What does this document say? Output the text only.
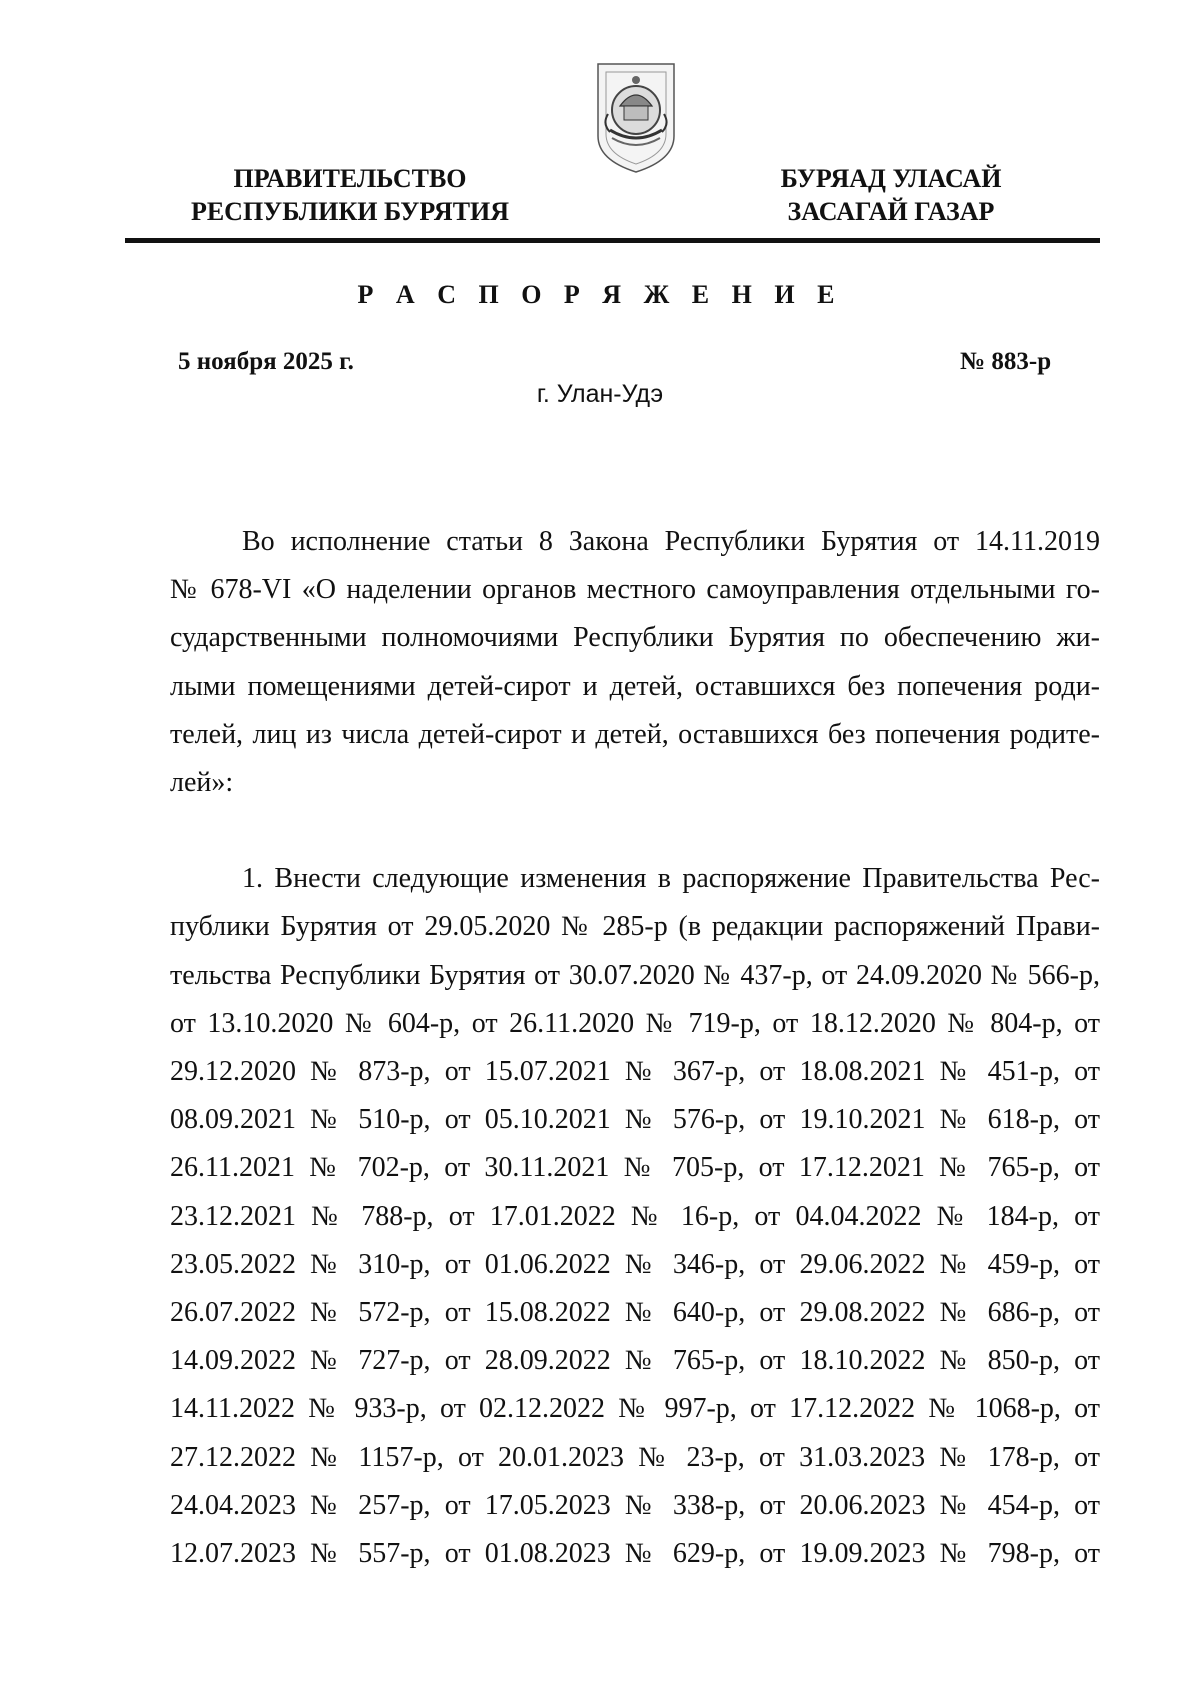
ПРАВИТЕЛЬСТВО
РЕСПУБЛИКИ БУРЯТИЯ
БУРЯАД УЛАСАЙ
ЗАСАГАЙ ГАЗАР
Р А С П О Р Я Ж Е Н И Е
5 ноября 2025 г.	№ 883-р
г. Улан-Удэ
Во исполнение статьи 8 Закона Республики Бурятия от 14.11.2019
№ 678-VI «О наделении органов местного самоуправления отдельными го-
сударственными полномочиями Республики Бурятия по обеспечению жи-
лыми помещениями детей-сирот и детей, оставшихся без попечения роди-
телей, лиц из числа детей-сирот и детей, оставшихся без попечения родите-
лей»:
1. Внести следующие изменения в распоряжение Правительства Рес-
публики Бурятия от 29.05.2020 № 285-р (в редакции распоряжений Прави-
тельства Республики Бурятия от 30.07.2020 № 437-р, от 24.09.2020 № 566-р,
от 13.10.2020 № 604-р, от 26.11.2020 № 719-р, от 18.12.2020 № 804-р, от
29.12.2020 № 873-р, от 15.07.2021 № 367-р, от 18.08.2021 № 451-р, от
08.09.2021 № 510-р, от 05.10.2021 № 576-р, от 19.10.2021 № 618-р, от
26.11.2021 № 702-р, от 30.11.2021 № 705-р, от 17.12.2021 № 765-р, от
23.12.2021 № 788-р, от 17.01.2022 № 16-р, от 04.04.2022 № 184-р, от
23.05.2022 № 310-р, от 01.06.2022 № 346-р, от 29.06.2022 № 459-р, от
26.07.2022 № 572-р, от 15.08.2022 № 640-р, от 29.08.2022 № 686-р, от
14.09.2022 № 727-р, от 28.09.2022 № 765-р, от 18.10.2022 № 850-р, от
14.11.2022 № 933-р, от 02.12.2022 № 997-р, от 17.12.2022 № 1068-р, от
27.12.2022 № 1157-р, от 20.01.2023 № 23-р, от 31.03.2023 № 178-р, от
24.04.2023 № 257-р, от 17.05.2023 № 338-р, от 20.06.2023 № 454-р, от
12.07.2023 № 557-р, от 01.08.2023 № 629-р, от 19.09.2023 № 798-р, от
